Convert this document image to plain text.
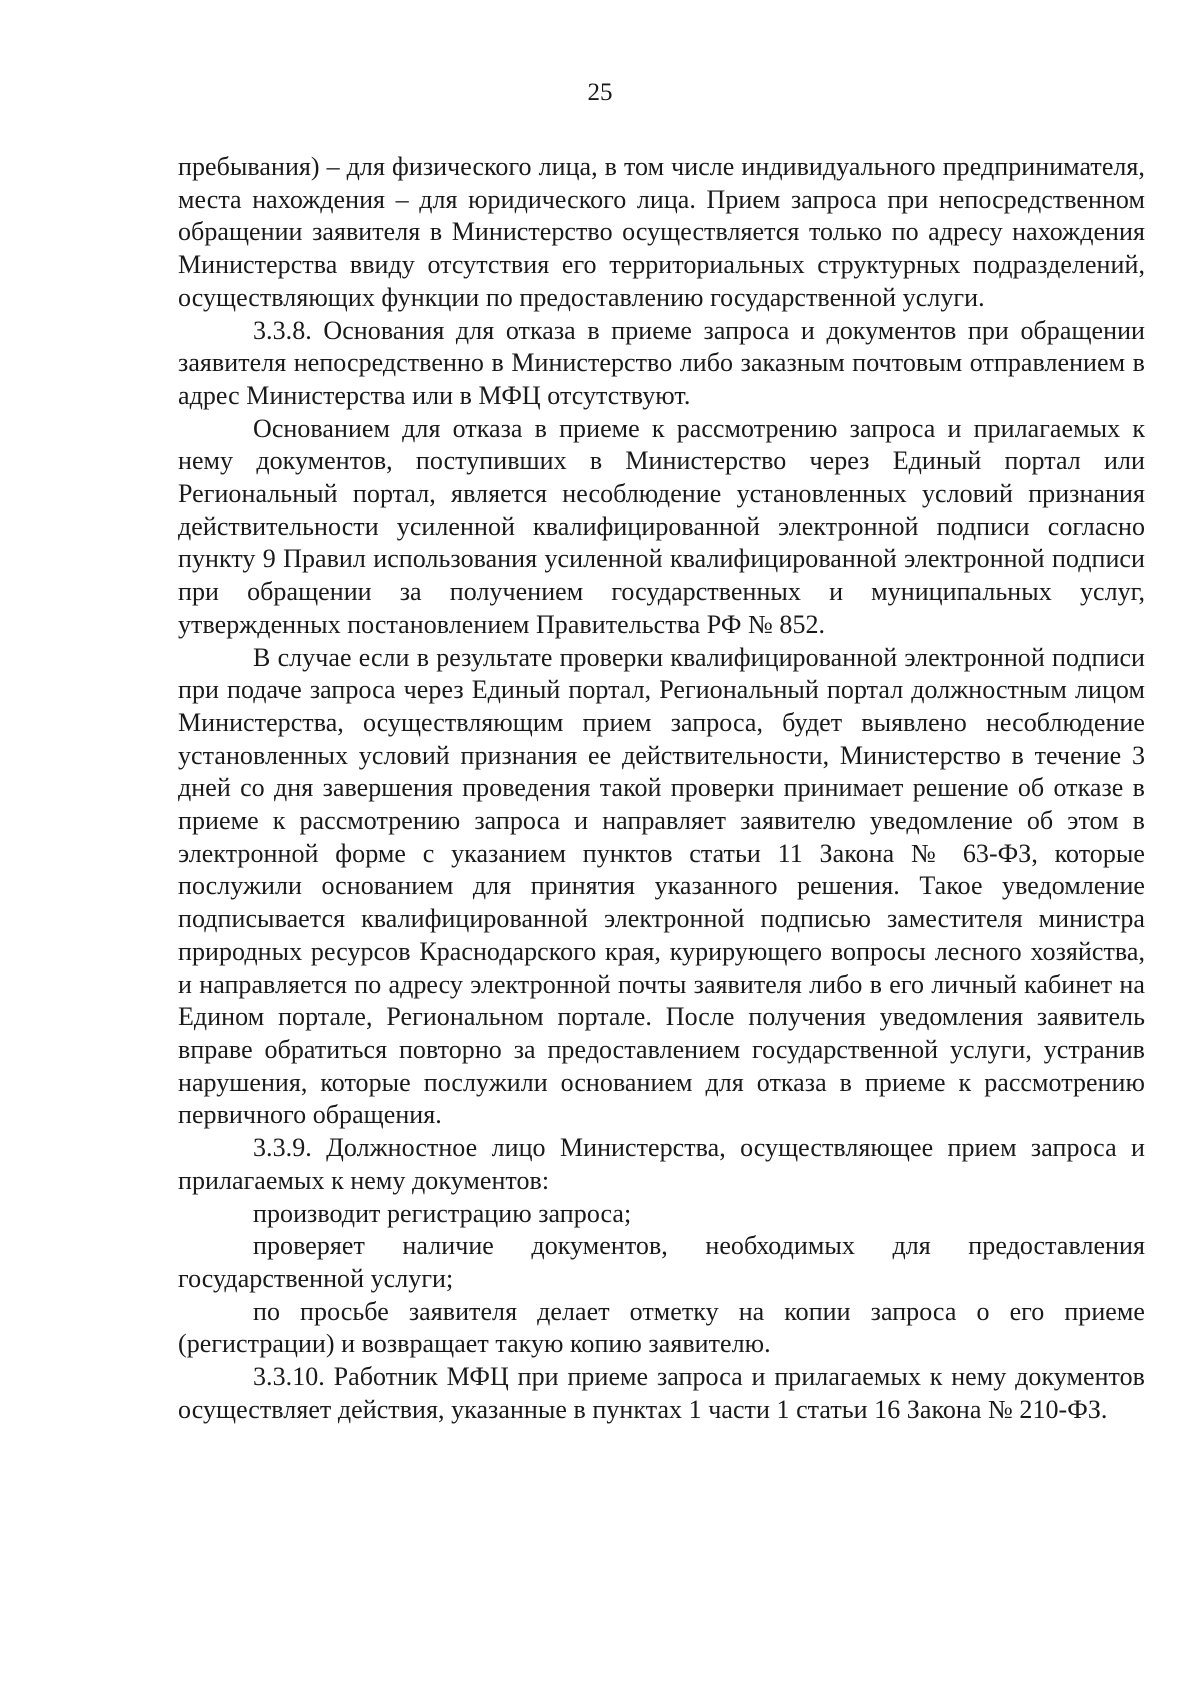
25

пребывания) – для физического лица, в том числе индивидуального предпринимателя, места нахождения – для юридического лица. Прием запроса при непосредственном обращении заявителя в Министерство осуществляется только по адресу нахождения Министерства ввиду отсутствия его территориальных структурных подразделений, осуществляющих функции по предоставлению государственной услуги.

3.3.8. Основания для отказа в приеме запроса и документов при обращении заявителя непосредственно в Министерство либо заказным почтовым отправлением в адрес Министерства или в МФЦ отсутствуют.

Основанием для отказа в приеме к рассмотрению запроса и прилагаемых к нему документов, поступивших в Министерство через Единый портал или Региональный портал, является несоблюдение установленных условий признания действительности усиленной квалифицированной электронной подписи согласно пункту 9 Правил использования усиленной квалифицированной электронной подписи при обращении за получением государственных и муниципальных услуг, утвержденных постановлением Правительства РФ № 852.

В случае если в результате проверки квалифицированной электронной подписи при подаче запроса через Единый портал, Региональный портал должностным лицом Министерства, осуществляющим прием запроса, будет выявлено несоблюдение установленных условий признания ее действительности, Министерство в течение 3 дней со дня завершения проведения такой проверки принимает решение об отказе в приеме к рассмотрению запроса и направляет заявителю уведомление об этом в электронной форме с указанием пунктов статьи 11 Закона № 63-ФЗ, которые послужили основанием для принятия указанного решения. Такое уведомление подписывается квалифицированной электронной подписью заместителя министра природных ресурсов Краснодарского края, курирующего вопросы лесного хозяйства, и направляется по адресу электронной почты заявителя либо в его личный кабинет на Едином портале, Региональном портале. После получения уведомления заявитель вправе обратиться повторно за предоставлением государственной услуги, устранив нарушения, которые послужили основанием для отказа в приеме к рассмотрению первичного обращения.

3.3.9. Должностное лицо Министерства, осуществляющее прием запроса и прилагаемых к нему документов:

производит регистрацию запроса;

проверяет наличие документов, необходимых для предоставления государственной услуги;

по просьбе заявителя делает отметку на копии запроса о его приеме (регистрации) и возвращает такую копию заявителю.

3.3.10. Работник МФЦ при приеме запроса и прилагаемых к нему документов осуществляет действия, указанные в пунктах 1 части 1 статьи 16 Закона № 210-ФЗ.
